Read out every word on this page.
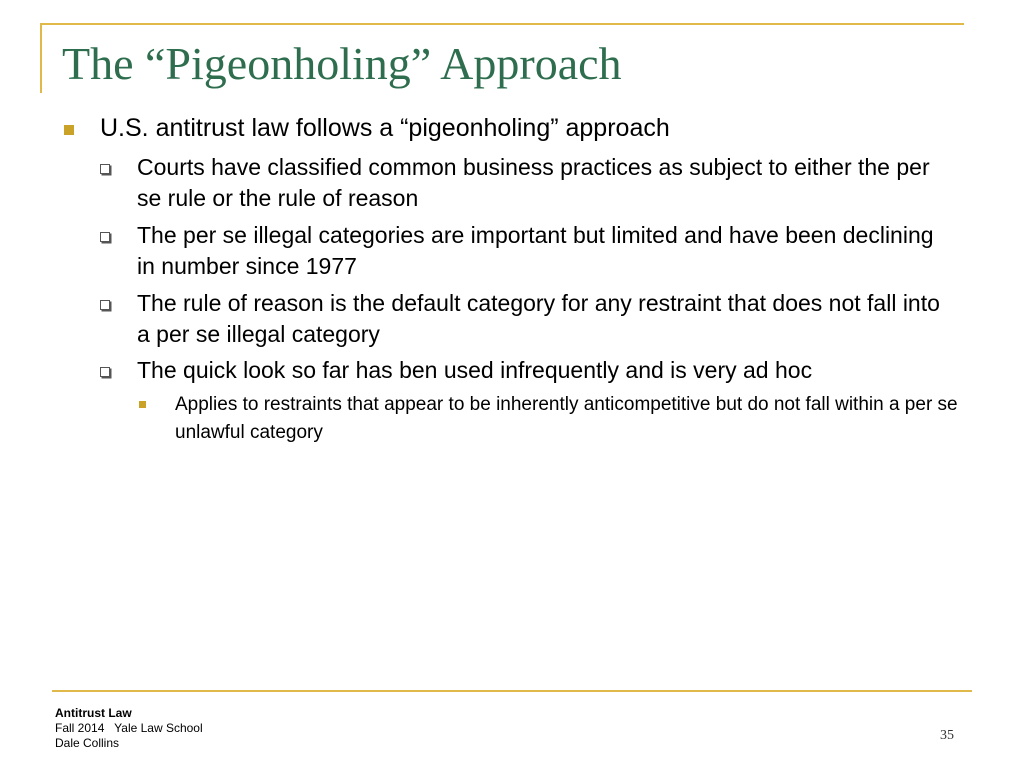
The “Pigeonholing” Approach
U.S. antitrust law follows a “pigeonholing” approach
Courts have classified common business practices as subject to either the per se rule or the rule of reason
The per se illegal categories are important but limited and have been declining in number since 1977
The rule of reason is the default category for any restraint that does not fall into a per se illegal category
The quick look so far has ben used infrequently and is very ad hoc
Applies to restraints that appear to be inherently anticompetitive but do not fall within a per se unlawful category
Antitrust Law
Fall 2014   Yale Law School
Dale Collins	35
